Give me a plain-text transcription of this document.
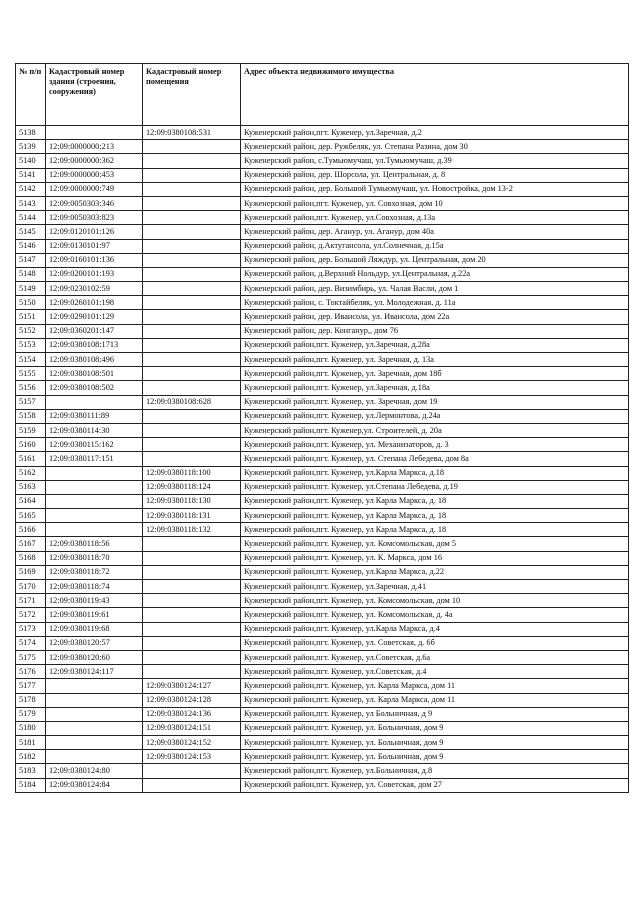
№ п/п	Кадастровый номер здания (строения, сооружения)	Кадастровый номер помещения	Адрес объекта недвижимого имущества
5138		12:09:0380108:531	Куженерский район,пгт. Куженер, ул.Заречная, д.2
5139	12:09:0000000:213		Куженерский район, дер. Ружбеляк, ул. Степана Разина, дом 30
5140	12:09:0000000:362		Куженерский район, с.Тумьюмучаш, ул.Тумьюмучаш, д.39
5141	12:09:0000000:453		Куженерский район, дер. Шорсола, ул. Центральная, д. 8
5142	12:09:0000000:749		Куженерский район, дер. Большой Тумьюмучаш, ул. Новостройка, дом 13-2
5143	12:09:0050303:346		Куженерский район,пгт. Куженер, ул. Совхозная, дом 10
5144	12:09:0050303:823		Куженерский район,пгт. Куженер, ул.Совхозная, д.13а
5145	12:09:0120101:126		Куженерский район, дер. Агануp, ул. Агануp, дом 40а
5146	12:09:0130101:97		Куженерский район, д.Актугансола, ул.Солнечная, д.15а
5147	12:09:0160101:136		Куженерский район, дер. Большой Ляждур, ул. Центральная, дом 20
5148	12:09:0200101:193		Куженерский район, д.Верхний Нольдур, ул.Центральная, д.22а
5149	12:09:0230102:59		Куженерский район, дер. Визимбирь, ул. Чалая Васли, дом 1
5150	12:09:0260101:198		Куженерский район, с. Токтайбеляк, ул. Молодежная, д. 11а
5151	12:09:0290101:129		Куженерский район, дер. Ивансола, ул. Ивансола, дом 22а
5152	12:09:0360201:147		Куженерский район, дер. Конганур,, дом 76
5153	12:09:0380108:1713		Куженерский район,пгт. Куженер, ул.Заречная, д.28а
5154	12:09:0380108:496		Куженерский район,пгт. Куженер, ул. Заречная, д. 13а
5155	12:09:0380108:501		Куженерский район,пгт. Куженер, ул. Заречная, дом 18б
5156	12:09:0380108:502		Куженерский район,пгт. Куженер, ул.Заречная, д.18а
5157		12:09:0380108:628	Куженерский район,пгт. Куженер, ул. Заречная, дом 19
5158	12:09:0380111:89		Куженерский район,пгт. Куженер, ул.Лермонтова, д.24а
5159	12:09:0380114:30		Куженерский район,пгт. Куженер,ул. Строителей, д. 20а
5160	12:09:0380115:162		Куженерский район,пгт. Куженер, ул. Механизаторов, д. 3
5161	12:09:0380117:151		Куженерский район,пгт. Куженер, ул. Степана Лебедева, дом 8а
5162		12:09:0380118:100	Куженерский район,пгт. Куженер, ул.Карла Маркса, д.18
5163		12:09:0380118:124	Куженерский район,пгт. Куженер, ул.Степана Лебедева, д.19
5164		12:09:0380118:130	Куженерский район,пгт. Куженер, ул Карла Маркса, д. 18
5165		12:09:0380118:131	Куженерский район,пгт. Куженер, ул Карла Маркса, д. 18
5166		12:09:0380118:132	Куженерский район,пгт. Куженер, ул Карла Маркса, д. 18
5167	12:09:0380118:56		Куженерский район,пгт. Куженер, ул. Комсомольская, дом 5
5168	12:09:0380118:70		Куженерский район,пгт. Куженер, ул. К. Маркса, дом 16
5169	12:09:0380118:72		Куженерский район,пгт. Куженер, ул.Карла Маркса, д.22
5170	12:09:0380118:74		Куженерский район,пгт. Куженер, ул.Заречная, д.41
5171	12:09:0380119:43		Куженерский район,пгт. Куженер, ул. Комсомольская, дом 10
5172	12:09:0380119:61		Куженерский район,пгт. Куженер, ул. Комсомольская, д. 4а
5173	12:09:0380119:68		Куженерский район,пгт. Куженер, ул.Карла Маркса, д.4
5174	12:09:0380120:57		Куженерский район,пгт. Куженер, ул. Советская, д. 6б
5175	12:09:0380120:60		Куженерский район,пгт. Куженер, ул.Советская, д.6а
5176	12:09:0380124:117		Куженерский район,пгт. Куженер, ул.Советская, д.4
5177		12:09:0380124:127	Куженерский район,пгт. Куженер, ул. Карла Маркса, дом 11
5178		12:09:0380124:128	Куженерский район,пгт. Куженер, ул. Карла Маркса, дом 11
5179		12:09:0380124:136	Куженерский район,пгт. Куженер, ул Больничная, д 9
5180		12:09:0380124:151	Куженерский район,пгт. Куженер, ул. Больничная, дом 9
5181		12:09:0380124:152	Куженерский район,пгт. Куженер, ул. Больничная, дом 9
5182		12:09:0380124:153	Куженерский район,пгт. Куженер, ул. Больничная, дом 9
5183	12:09:0380124:80		Куженерский район,пгт. Куженер, ул.Больничная, д.8
5184	12:09:0380124:84		Куженерский район,пгт. Куженер, ул. Советская, дом 27
